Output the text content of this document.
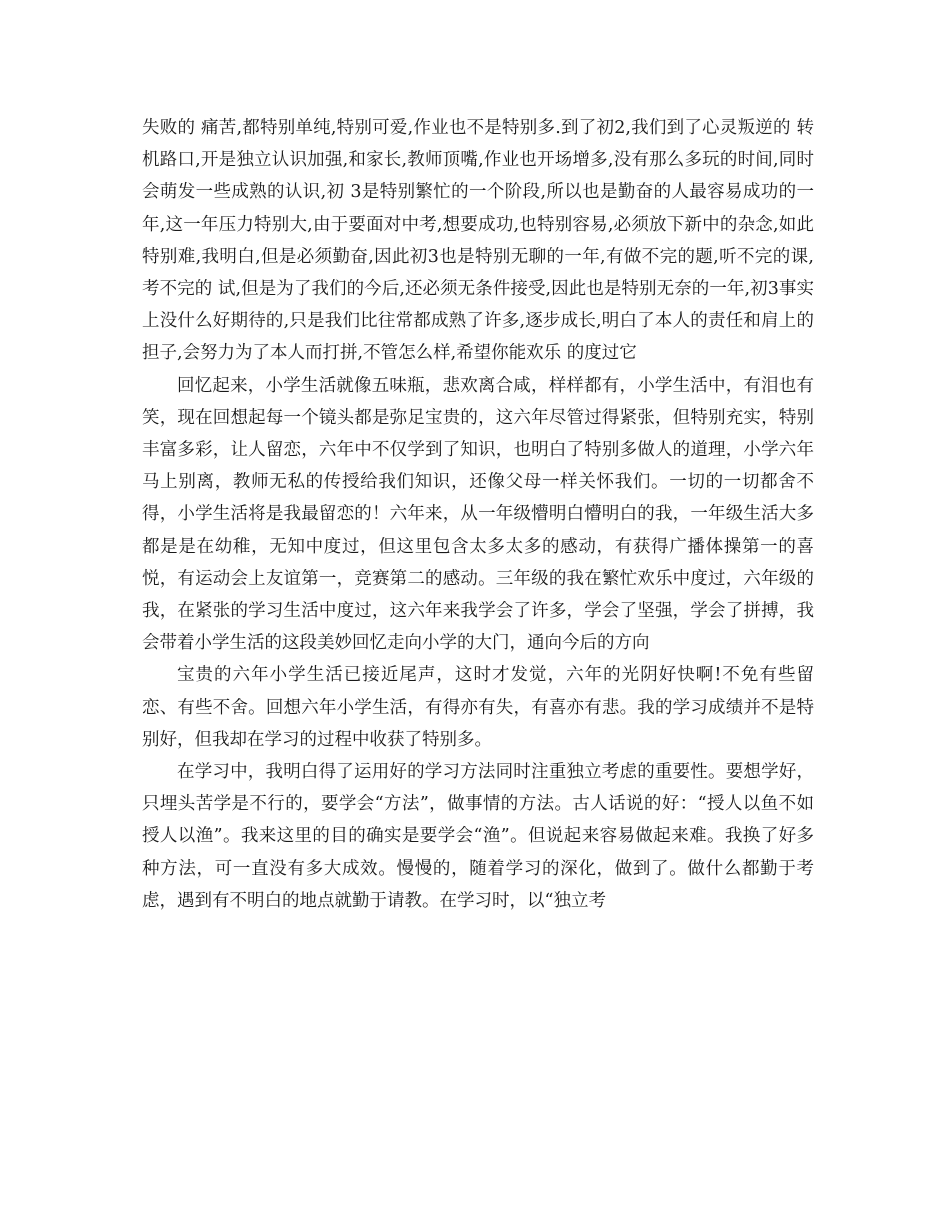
失败的 痛苦,都特别单纯,特别可爱,作业也不是特别多.到了初2,我们到了心灵叛逆的 转机路口,开是独立认识加强,和家长,教师顶嘴,作业也开场增多,没有那么多玩的时间,同时会萌发一些成熟的认识,初 3是特别繁忙的一个阶段,所以也是勤奋的人最容易成功的一年,这一年压力特别大,由于要面对中考,想要成功,也特别容易,必须放下新中的杂念,如此特别难,我明白,但是必须勤奋,因此初3也是特别无聊的一年,有做不完的题,听不完的课,考不完的 试,但是为了我们的今后,还必须无条件接受,因此也是特别无奈的一年,初3事实上没什么好期待的,只是我们比往常都成熟了许多,逐步成长,明白了本人的责任和肩上的担子,会努力为了本人而打拼,不管怎么样,希望你能欢乐 的度过它

回忆起来，小学生活就像五味瓶，悲欢离合咸，样样都有，小学生活中，有泪也有笑，现在回想起每一个镜头都是弥足宝贵的，这六年尽管过得紧张，但特别充实，特别丰富多彩，让人留恋，六年中不仅学到了知识，也明白了特别多做人的道理，小学六年马上别离，教师无私的传授给我们知识，还像父母一样关怀我们。一切的一切都舍不得，小学生活将是我最留恋的！六年来，从一年级懵明白懵明白的我，一年级生活大多都是是在幼稚，无知中度过，但这里包含太多太多的感动，有获得广播体操第一的喜悦，有运动会上友谊第一，竞赛第二的感动。三年级的我在繁忙欢乐中度过，六年级的我，在紧张的学习生活中度过，这六年来我学会了许多，学会了坚强，学会了拼搏，我会带着小学生活的这段美妙回忆走向小学的大门，通向今后的方向

宝贵的六年小学生活已接近尾声，这时才发觉，六年的光阴好快啊!不免有些留恋、有些不舍。回想六年小学生活，有得亦有失，有喜亦有悲。我的学习成绩并不是特别好，但我却在学习的过程中收获了特别多。

在学习中，我明白得了运用好的学习方法同时注重独立考虑的重要性。要想学好，只埋头苦学是不行的，要学会“方法”，做事情的方法。古人话说的好：“授人以鱼不如授人以渔”。我来这里的目的确实是要学会“渔”。但说起来容易做起来难。我换了好多种方法，可一直没有多大成效。慢慢的，随着学习的深化，做到了。做什么都勤于考虑，遇到有不明白的地点就勤于请教。在学习时，以“独立考
